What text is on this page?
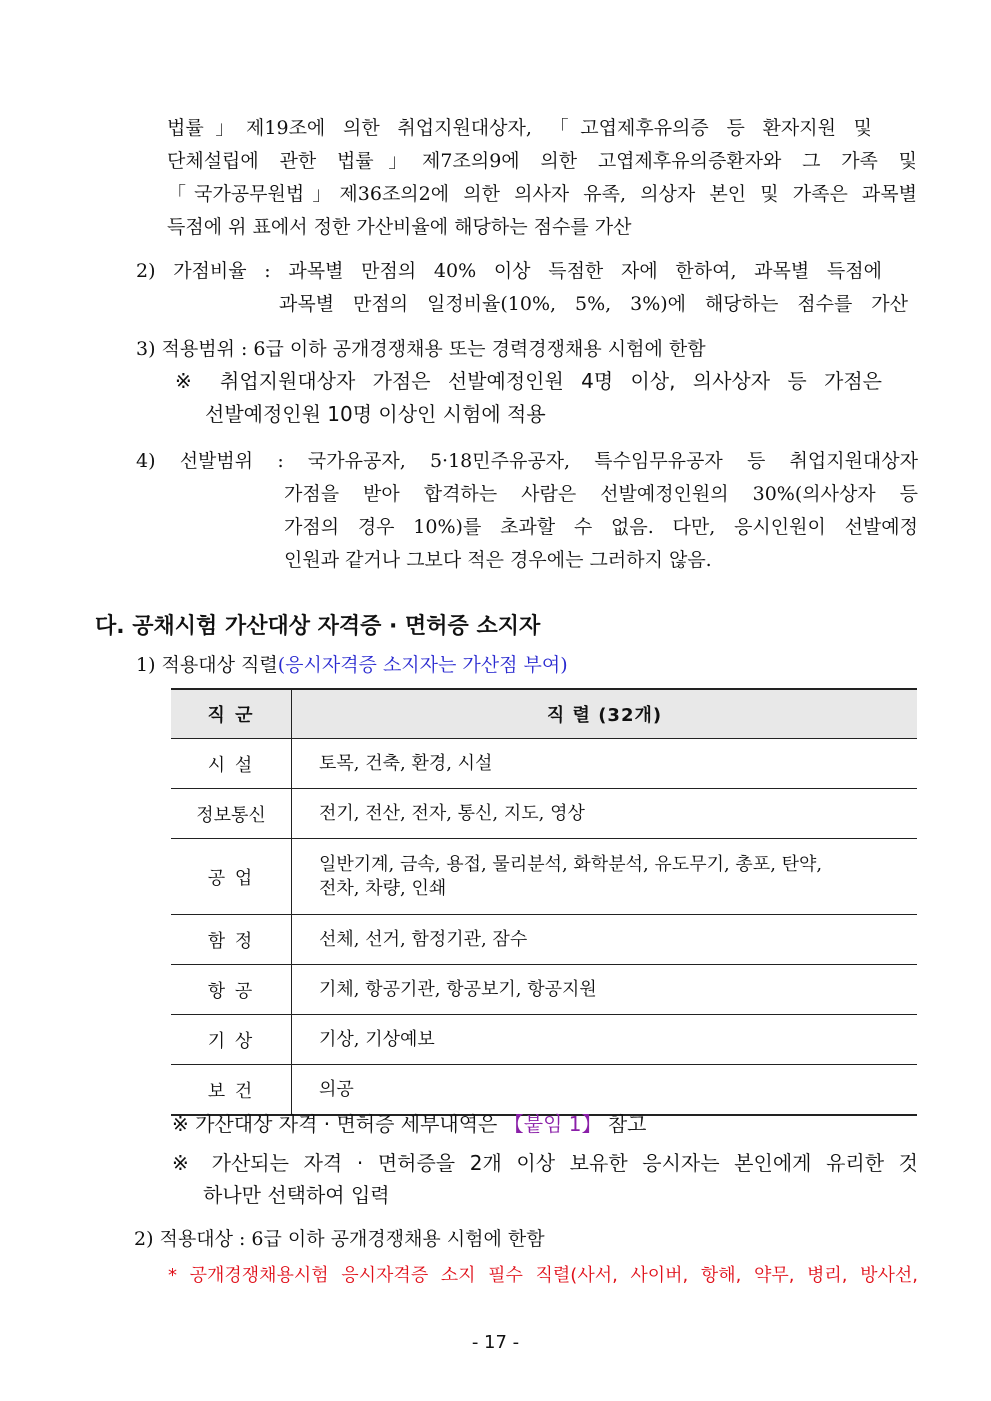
법률」제19조에 의한 취업지원대상자, 「고엽제후유의증 등 환자지원 및
단체설립에 관한 법률」제7조의9에 의한 고엽제후유의증환자와 그 가족 및
「국가공무원법」제36조의2에 의한 의사자 유족, 의상자 본인 및 가족은 과목별
득점에 위 표에서 정한 가산비율에 해당하는 점수를 가산
2) 가점비율 : 과목별 만점의 40% 이상 득점한 자에 한하여, 과목별 득점에
과목별 만점의 일정비율(10%, 5%, 3%)에 해당하는 점수를 가산
3) 적용범위 : 6급 이하 공개경쟁채용 또는 경력경쟁채용 시험에 한함
※ 취업지원대상자 가점은 선발예정인원 4명 이상, 의사상자 등 가점은
선발예정인원 10명 이상인 시험에 적용
4) 선발범위 : 국가유공자, 5·18민주유공자, 특수임무유공자 등 취업지원대상자
가점을 받아 합격하는 사람은 선발예정인원의 30%(의사상자 등
가점의 경우 10%)를 초과할 수 없음. 다만, 응시인원이 선발예정
인원과 같거나 그보다 적은 경우에는 그러하지 않음.
다. 공채시험 가산대상 자격증 · 면허증 소지자
1) 적용대상 직렬(응시자격증 소지자는 가산점 부여)
직 군	직 렬 (32개)
시 설	토목, 건축, 환경, 시설
정보통신	전기, 전산, 전자, 통신, 지도, 영상
공 업	일반기계, 금속, 용접, 물리분석, 화학분석, 유도무기, 총포, 탄약,
전차, 차량, 인쇄

함 정	선체, 선거, 함정기관, 잠수
항 공	기체, 항공기관, 항공보기, 항공지원
기 상	기상, 기상예보
보 건	의공
※ 가산대상 자격 · 면허증 세부내역은 【붙임 1】 참고
※ 가산되는 자격 · 면허증을 2개 이상 보유한 응시자는 본인에게 유리한 것
하나만 선택하여 입력
2) 적용대상 : 6급 이하 공개경쟁채용 시험에 한함
* 공개경쟁채용시험 응시자격증 소지 필수 직렬(사서, 사이버, 항해, 약무, 병리, 방사선,
- 17 -
